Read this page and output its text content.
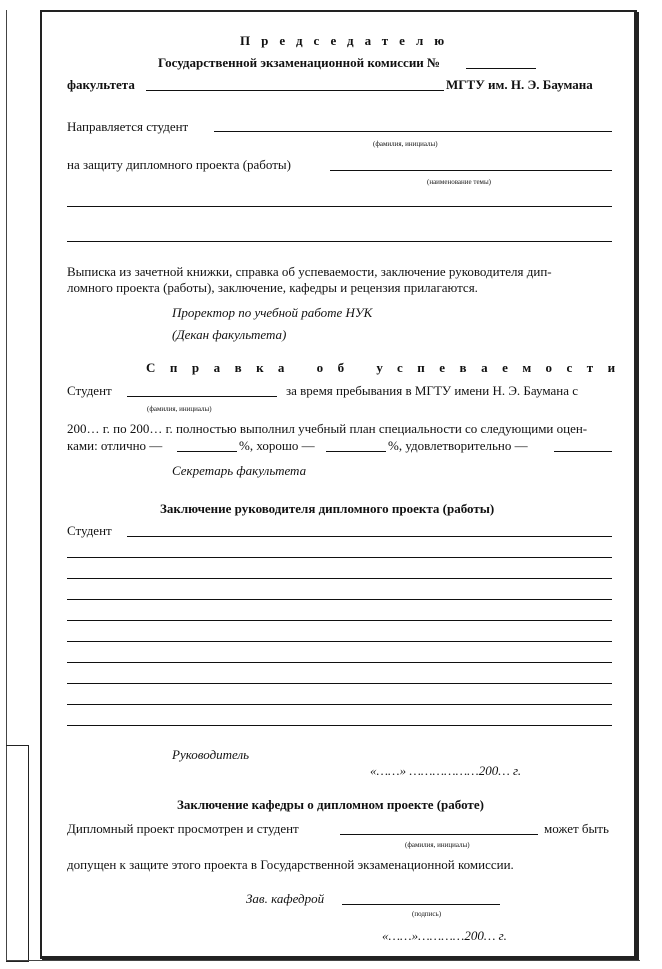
Председателю
Государственной экзаменационной комиссии №
факультета	МГТУ им. Н. Э. Баумана
Направляется студент
(фамилия, инициалы)
на защиту дипломного проекта (работы)
(наименование темы)
Выписка из зачетной книжки, справка об успеваемости, заключение руководителя дип-
ломного проекта (работы), заключение, кафедры и рецензия прилагаются.
Проректор по учебной работе НУК
(Декан факультета)
Справка об успеваемости
Студент	за время пребывания в МГТУ имени Н. Э. Баумана с
(фамилия, инициалы)
200… г. по 200… г. полностью выполнил учебный план специальности со следующими оцен-
ками: отлично —	%, хорошо —	%, удовлетворительно —
Секретарь факультета
Заключение руководителя дипломного проекта (работы)
Студент
Руководитель
«……» ………………200… г.
Заключение кафедры о дипломном проекте (работе)
Дипломный проект просмотрен и студент	может быть
(фамилия, инициалы)
допущен к защите этого проекта в Государственной экзаменационной комиссии.
Зав. кафедрой
(подпись)
«……»…………200… г.
